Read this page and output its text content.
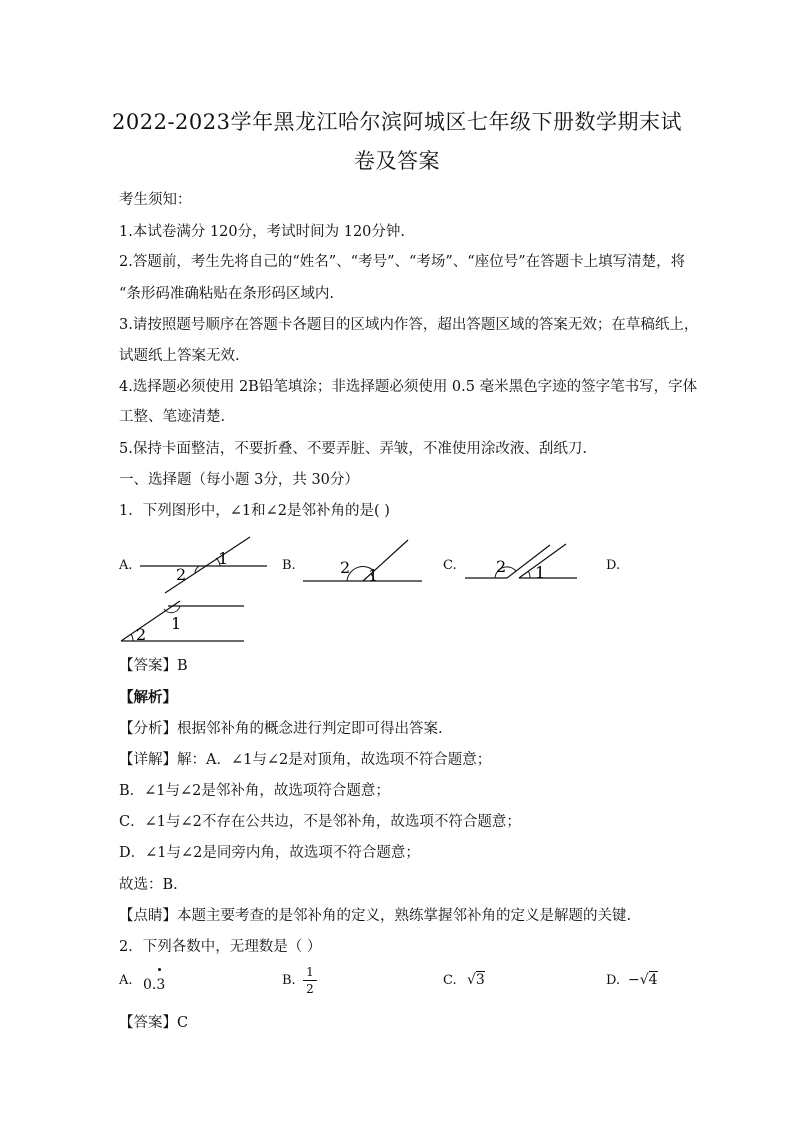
2022-2023学年黑龙江哈尔滨阿城区七年级下册数学期末试
卷及答案
考生须知：
1.本试卷满分 120分，考试时间为 120分钟.
2.答题前，考生先将自己的“姓名”、“考号”、“考场”、“座位号”在答题卡上填写清楚，将
“条形码准确粘贴在条形码区域内.
3.请按照题号顺序在答题卡各题目的区域内作答，超出答题区域的答案无效；在草稿纸上，
试题纸上答案无效.
4.选择题必须使用 2B铅笔填涂；非选择题必须使用 0.5 毫米黑色字迹的签字笔书写，字体
工整、笔迹清楚.
5.保持卡面整洁，不要折叠、不要弄脏、弄皱，不准使用涂改液、刮纸刀.
一、选择题（每小题 3分，共 30分）
1．下列图形中，∠1和∠2是邻补角的是( )
A.	B.	C.	D.
1
2	2 1	2 1
1
2
【答案】B
【解析】
【分析】根据邻补角的概念进行判定即可得出答案.
【详解】解：A．∠1与∠2是对顶角，故选项不符合题意；
B．∠1与∠2是邻补角，故选项符合题意；
C．∠1与∠2不存在公共边，不是邻补角，故选项不符合题意；
D．∠1与∠2是同旁内角，故选项不符合题意；
故选：B.
【点睛】本题主要考查的是邻补角的定义，熟练掌握邻补角的定义是解题的关键.
2．下列各数中，无理数是（ ）
A. 0.3	B.
1
2
C. √3	D. −√4
【答案】C
